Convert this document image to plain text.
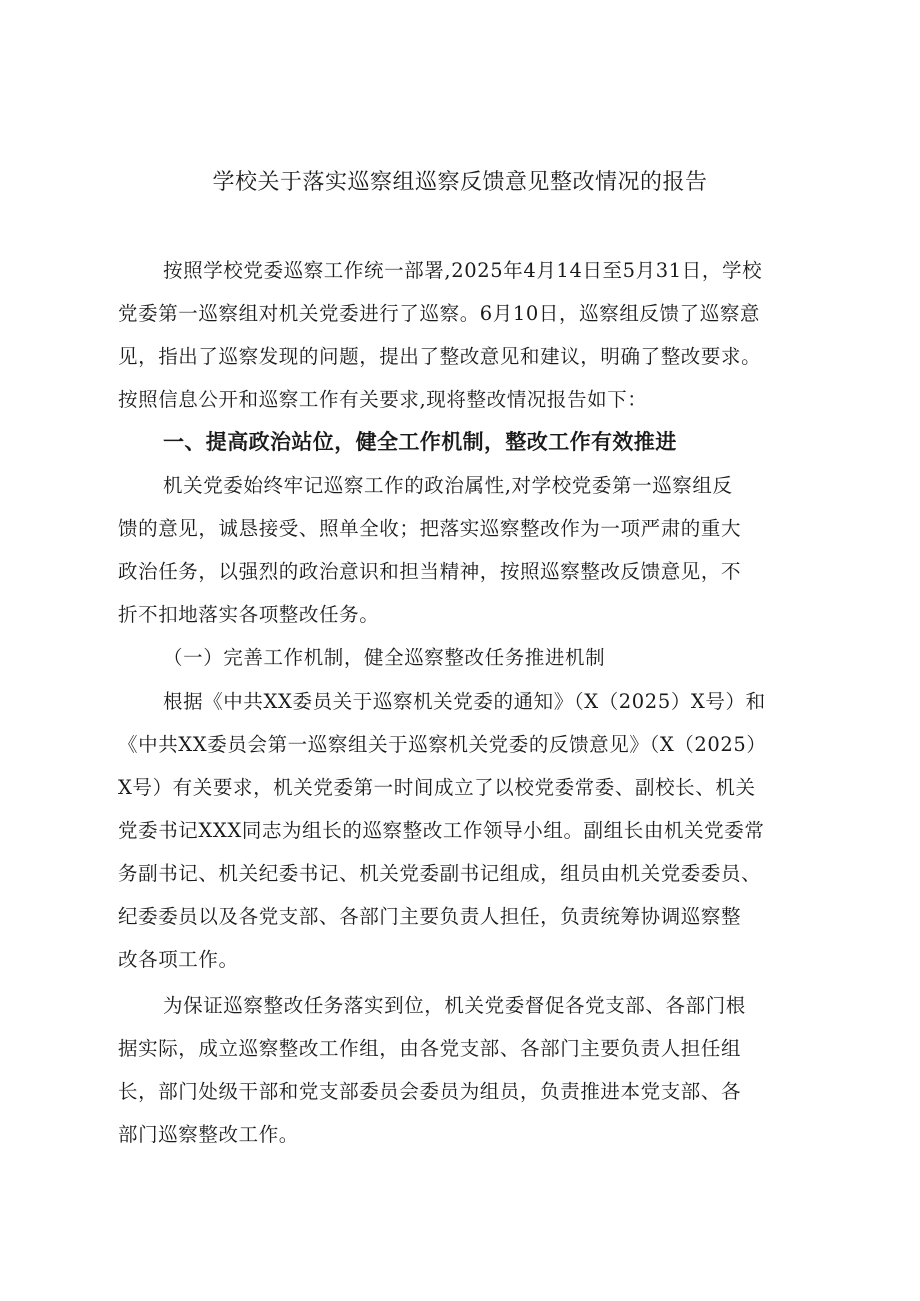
学校关于落实巡察组巡察反馈意见整改情况的报告
按照学校党委巡察工作统一部署,2025年4月14日至5月31日，学校
党委第一巡察组对机关党委进行了巡察。6月10日，巡察组反馈了巡察意
见，指出了巡察发现的问题，提出了整改意见和建议，明确了整改要求。
按照信息公开和巡察工作有关要求,现将整改情况报告如下：
一、提高政治站位，健全工作机制，整改工作有效推进
机关党委始终牢记巡察工作的政治属性,对学校党委第一巡察组反
馈的意见，诚恳接受、照单全收；把落实巡察整改作为一项严肃的重大
政治任务，以强烈的政治意识和担当精神，按照巡察整改反馈意见，不
折不扣地落实各项整改任务。
（一）完善工作机制，健全巡察整改任务推进机制
根据《中共XX委员关于巡察机关党委的通知》（X（2025）X号）和
《中共XX委员会第一巡察组关于巡察机关党委的反馈意见》（X（2025）
X号）有关要求，机关党委第一时间成立了以校党委常委、副校长、机关
党委书记XXX同志为组长的巡察整改工作领导小组。副组长由机关党委常
务副书记、机关纪委书记、机关党委副书记组成，组员由机关党委委员、
纪委委员以及各党支部、各部门主要负责人担任，负责统筹协调巡察整
改各项工作。
为保证巡察整改任务落实到位，机关党委督促各党支部、各部门根
据实际，成立巡察整改工作组，由各党支部、各部门主要负责人担任组
长，部门处级干部和党支部委员会委员为组员，负责推进本党支部、各
部门巡察整改工作。
